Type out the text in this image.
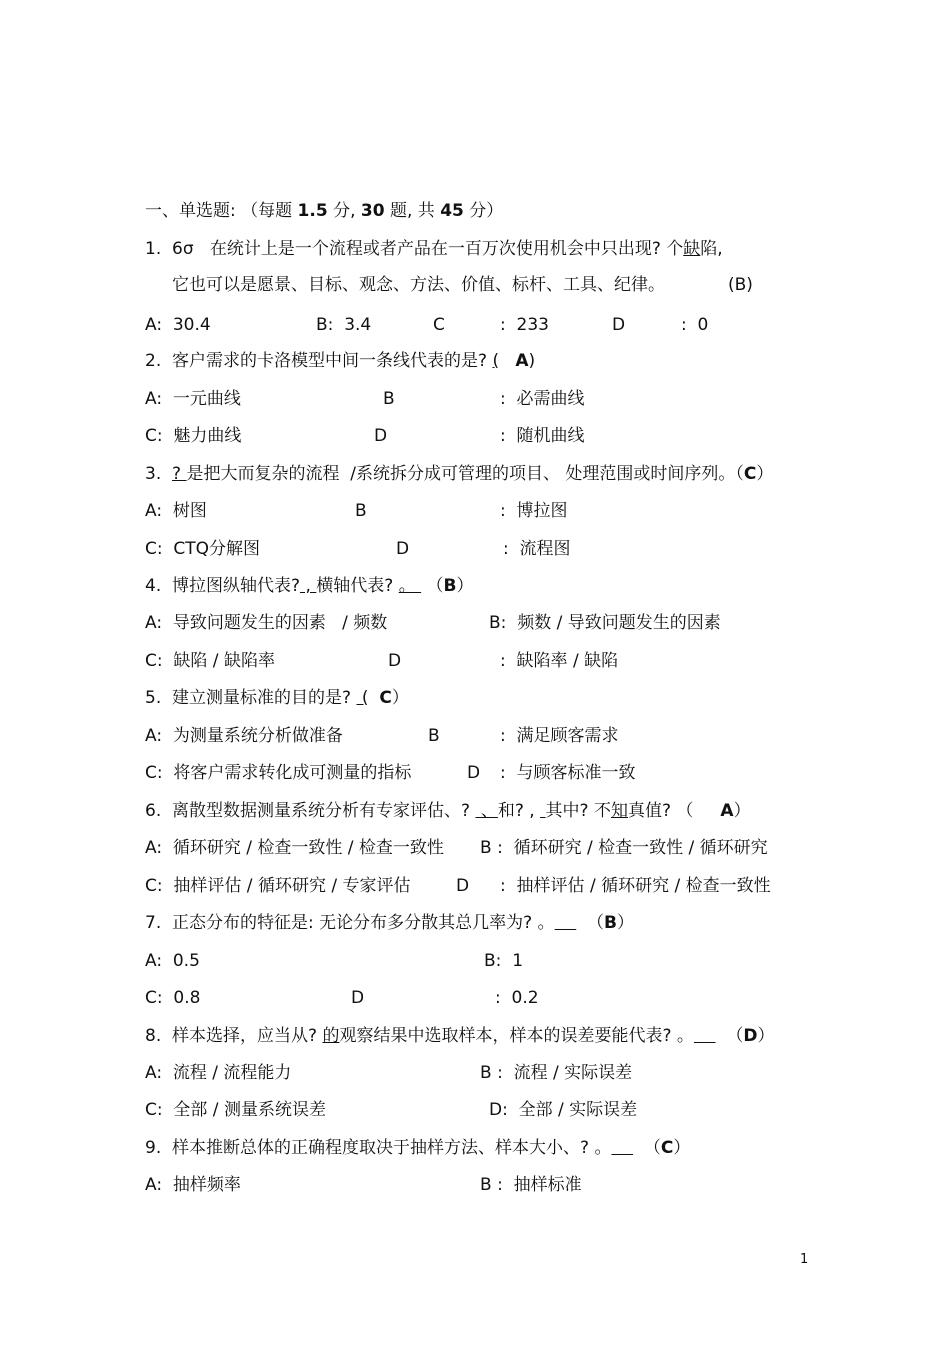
一、单选题: （每题 1.5 分, 30 题, 共 45 分）
1.  6σ   在统计上是一个流程或者产品在一百万次使用机会中只出现? 个缺陷,
它也可以是愿景、目标、观念、方法、价值、标杆、工具、纪律。	(B)
A:  30.4	B:  3.4	C	:  233	D	:  0
2.  客户需求的卡洛模型中间一条线代表的是? ( A)
A:  一元曲线	B	:  必需曲线
C:  魅力曲线	D	:  随机曲线
3.  ? 是把大而复杂的流程  /系统拆分成可管理的项目、 处理范围或时间序列。（C）
A:  树图	B	:  博拉图
C:  CTQ分解图	D	:  流程图
4.  博拉图纵轴代表? , 横轴代表? 。  （B）
A:  导致问题发生的因素   / 频数	B:  频数 / 导致问题发生的因素
C:  缺陷 / 缺陷率	D	:  缺陷率 / 缺陷
5.  建立测量标准的目的是?  ( C）
A:  为测量系统分析做准备	B	:  满足顾客需求
C:  将客户需求转化成可测量的指标	D :  与顾客标准一致
6.  离散型数据测量系统分析有专家评估、?  、和? ,  其中? 不知真值? （ A）
A:  循环研究 / 检查一致性 / 检查一致性 B :  循环研究 / 检查一致性 / 循环研究
C:  抽样评估 / 循环研究 / 专家评估	D :  抽样评估 / 循环研究 / 检查一致性
7.  正态分布的特征是: 无论分布多分散其总几率为? 。      （B）
A:  0.5	B:  1
C:  0.8	D	:  0.2
8.  样本选择，应当从? 的观察结果中选取样本，样本的误差要能代表? 。      （D）
A:  流程 / 流程能力	B :  流程 / 实际误差
C:  全部 / 测量系统误差	D:  全部 / 实际误差
9.  样本推断总体的正确程度取决于抽样方法、样本大小、? 。      （C）
A:  抽样频率	B :  抽样标准
1
